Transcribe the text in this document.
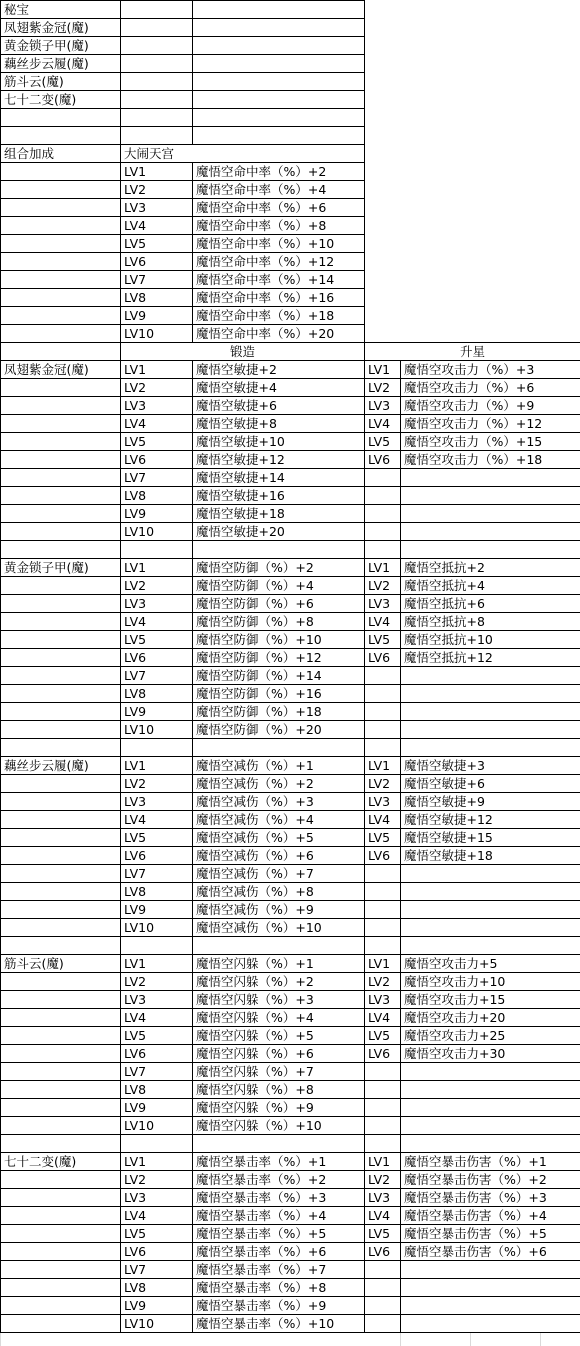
秘宝				
凤翅紫金冠(魔)				
黄金锁子甲(魔)				
藕丝步云履(魔)				
筋斗云(魔)				
七十二变(魔)				

组合加成	大闹天宫			
	LV1	魔悟空命中率（%）+2		
	LV2	魔悟空命中率（%）+4		
	LV3	魔悟空命中率（%）+6		
	LV4	魔悟空命中率（%）+8		
	LV5	魔悟空命中率（%）+10		
	LV6	魔悟空命中率（%）+12		
	LV7	魔悟空命中率（%）+14		
	LV8	魔悟空命中率（%）+16		
	LV9	魔悟空命中率（%）+18		
	LV10	魔悟空命中率（%）+20		
	锻造		升星	
凤翅紫金冠(魔)	LV1	魔悟空敏捷+2	LV1	魔悟空攻击力（%）+3
	LV2	魔悟空敏捷+4	LV2	魔悟空攻击力（%）+6
	LV3	魔悟空敏捷+6	LV3	魔悟空攻击力（%）+9
	LV4	魔悟空敏捷+8	LV4	魔悟空攻击力（%）+12
	LV5	魔悟空敏捷+10	LV5	魔悟空攻击力（%）+15
	LV6	魔悟空敏捷+12	LV6	魔悟空攻击力（%）+18
	LV7	魔悟空敏捷+14		
	LV8	魔悟空敏捷+16		
	LV9	魔悟空敏捷+18		
	LV10	魔悟空敏捷+20		

黄金锁子甲(魔)	LV1	魔悟空防御（%）+2	LV1	魔悟空抵抗+2
	LV2	魔悟空防御（%）+4	LV2	魔悟空抵抗+4
	LV3	魔悟空防御（%）+6	LV3	魔悟空抵抗+6
	LV4	魔悟空防御（%）+8	LV4	魔悟空抵抗+8
	LV5	魔悟空防御（%）+10	LV5	魔悟空抵抗+10
	LV6	魔悟空防御（%）+12	LV6	魔悟空抵抗+12
	LV7	魔悟空防御（%）+14		
	LV8	魔悟空防御（%）+16		
	LV9	魔悟空防御（%）+18		
	LV10	魔悟空防御（%）+20		

藕丝步云履(魔)	LV1	魔悟空减伤（%）+1	LV1	魔悟空敏捷+3
	LV2	魔悟空减伤（%）+2	LV2	魔悟空敏捷+6
	LV3	魔悟空减伤（%）+3	LV3	魔悟空敏捷+9
	LV4	魔悟空减伤（%）+4	LV4	魔悟空敏捷+12
	LV5	魔悟空减伤（%）+5	LV5	魔悟空敏捷+15
	LV6	魔悟空减伤（%）+6	LV6	魔悟空敏捷+18
	LV7	魔悟空减伤（%）+7		
	LV8	魔悟空减伤（%）+8		
	LV9	魔悟空减伤（%）+9		
	LV10	魔悟空减伤（%）+10		

筋斗云(魔)	LV1	魔悟空闪躲（%）+1	LV1	魔悟空攻击力+5
	LV2	魔悟空闪躲（%）+2	LV2	魔悟空攻击力+10
	LV3	魔悟空闪躲（%）+3	LV3	魔悟空攻击力+15
	LV4	魔悟空闪躲（%）+4	LV4	魔悟空攻击力+20
	LV5	魔悟空闪躲（%）+5	LV5	魔悟空攻击力+25
	LV6	魔悟空闪躲（%）+6	LV6	魔悟空攻击力+30
	LV7	魔悟空闪躲（%）+7		
	LV8	魔悟空闪躲（%）+8		
	LV9	魔悟空闪躲（%）+9		
	LV10	魔悟空闪躲（%）+10		

七十二变(魔)	LV1	魔悟空暴击率（%）+1	LV1	魔悟空暴击伤害（%）+1
	LV2	魔悟空暴击率（%）+2	LV2	魔悟空暴击伤害（%）+2
	LV3	魔悟空暴击率（%）+3	LV3	魔悟空暴击伤害（%）+3
	LV4	魔悟空暴击率（%）+4	LV4	魔悟空暴击伤害（%）+4
	LV5	魔悟空暴击率（%）+5	LV5	魔悟空暴击伤害（%）+5
	LV6	魔悟空暴击率（%）+6	LV6	魔悟空暴击伤害（%）+6
	LV7	魔悟空暴击率（%）+7		
	LV8	魔悟空暴击率（%）+8		
	LV9	魔悟空暴击率（%）+9		
	LV10	魔悟空暴击率（%）+10		
